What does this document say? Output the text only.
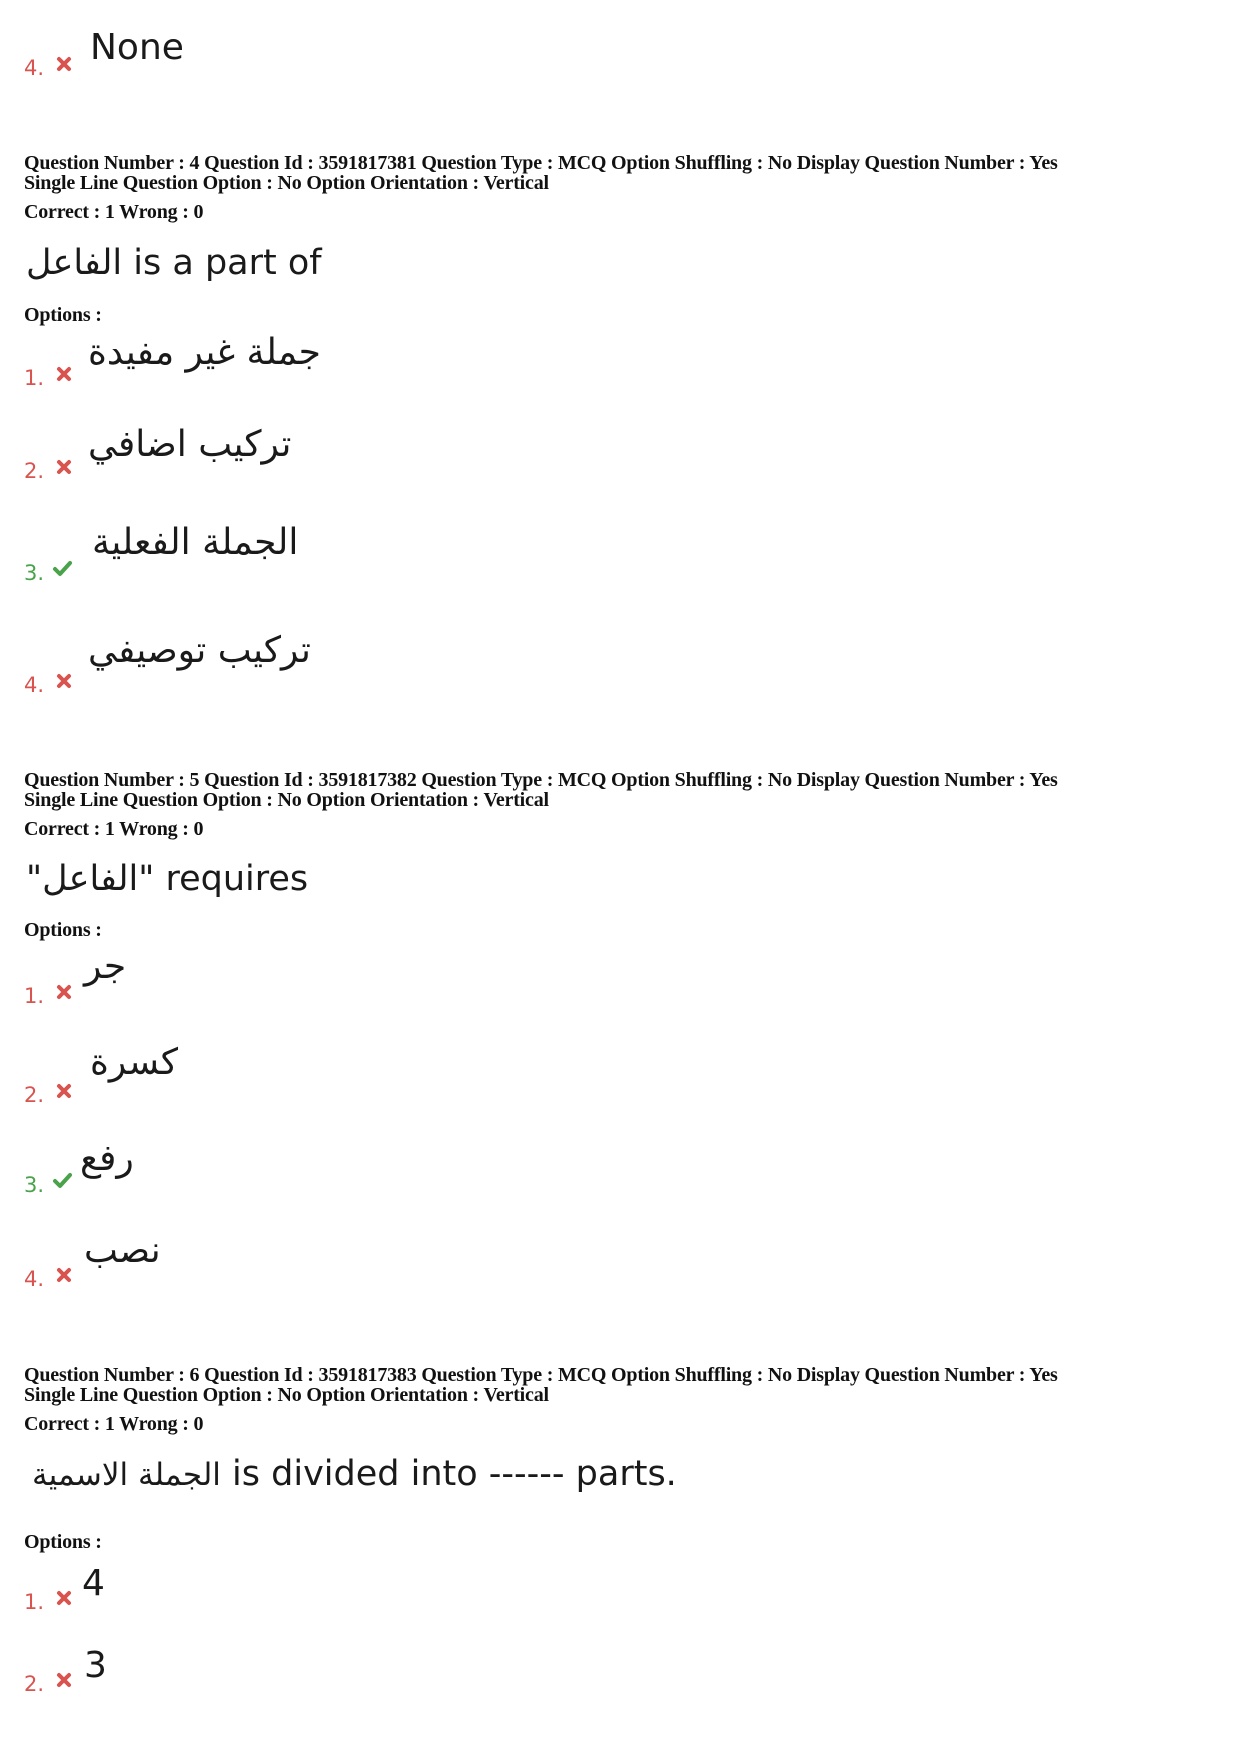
4. None
Question Number : 4 Question Id : 3591817381 Question Type : MCQ Option Shuffling : No Display Question Number : Yes
Single Line Question Option : No Option Orientation : Vertical
Correct : 1 Wrong : 0
الفاعل is a part of
Options :
1.
جملة غير مفيدة
2.
تركيب اضافي
3.
الجملة الفعلية
4.
تركيب توصيفي
Question Number : 5 Question Id : 3591817382 Question Type : MCQ Option Shuffling : No Display Question Number : Yes
Single Line Question Option : No Option Orientation : Vertical
Correct : 1 Wrong : 0
"الفاعل" requires
Options :
1.
جر
2.
كسرة
3.
رفع
4.
نصب
Question Number : 6 Question Id : 3591817383 Question Type : MCQ Option Shuffling : No Display Question Number : Yes
Single Line Question Option : No Option Orientation : Vertical
Correct : 1 Wrong : 0
الجملة الاسمية is divided into ------ parts.
Options :
1. 4
2. 3
